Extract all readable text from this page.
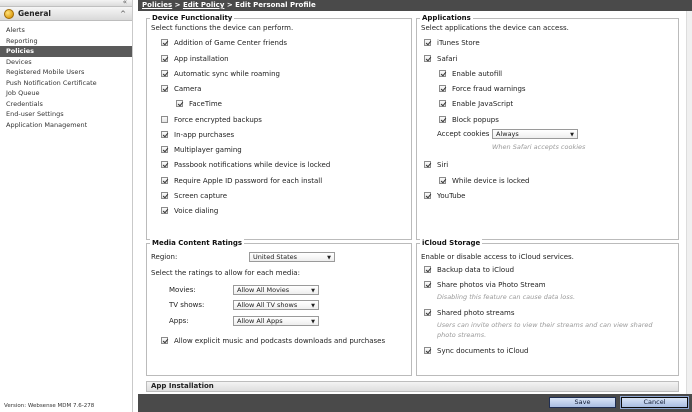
«
General	^
Alerts
Reporting
Policies
Devices
Registered Mobile Users
Push Notification Certificate
Job Queue
Credentials
End-user Settings
Application Management
Version: Websense MDM 7.6-278
Policies > Edit Policy > Edit Personal Profile
Device Functionality
Select functions the device can perform.
Addition of Game Center friends
App installation
Automatic sync while roaming
Camera
FaceTime
Force encrypted backups
In-app purchases
Multiplayer gaming
Passbook notifications while device is locked
Require Apple ID password for each install
Screen capture
Voice dialing
Applications
Select applications the device can access.
iTunes Store
Safari
Enable autofill
Force fraud warnings
Enable JavaScript
Block popups
Accept cookies	Always	▼
When Safari accepts cookies
Siri
While device is locked
YouTube
Media Content Ratings
Region:	United States	▼
Select the ratings to allow for each media:
Movies:	Allow All Movies	▼
TV shows:	Allow All TV shows	▼
Apps:	Allow All Apps	▼
Allow explicit music and podcasts downloads and purchases
iCloud Storage
Enable or disable access to iCloud services.
Backup data to iCloud
Share photos via Photo Stream
Disabling this feature can cause data loss.
Shared photo streams
Users can invite others to view their streams and can view shared
photo streams.
Sync documents to iCloud
App Installation
Save	Cancel
